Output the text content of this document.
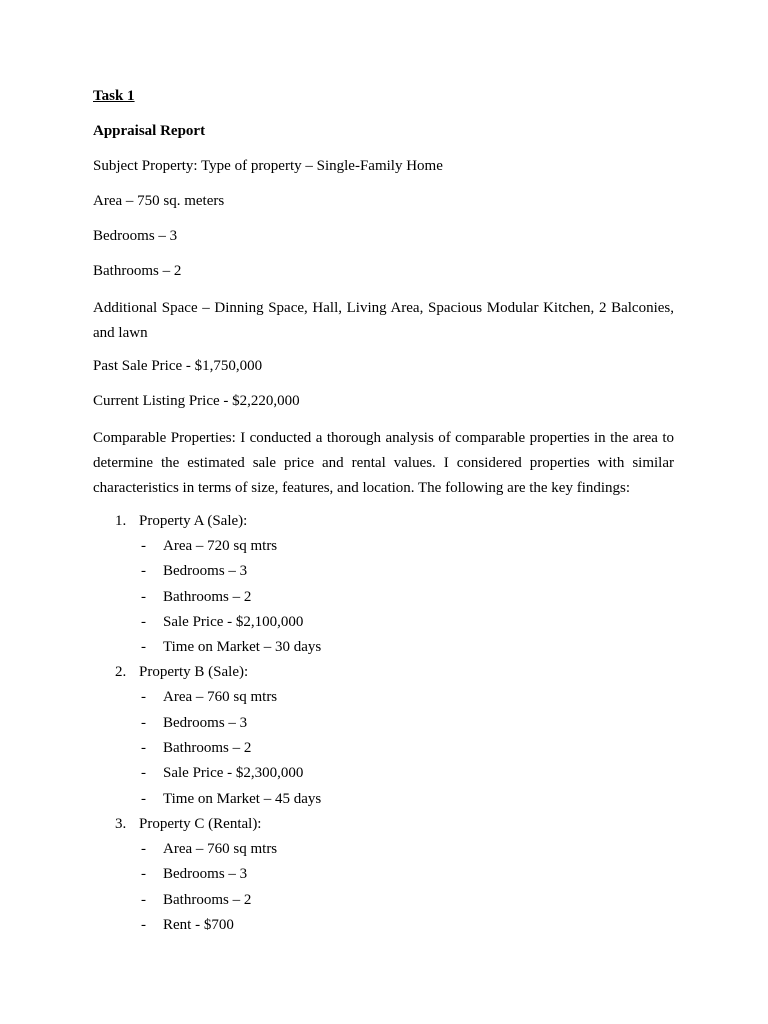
Task 1
Appraisal Report
Subject Property: Type of property – Single-Family Home
Area – 750 sq. meters
Bedrooms – 3
Bathrooms – 2
Additional Space – Dinning Space, Hall, Living Area, Spacious Modular Kitchen, 2 Balconies, and lawn
Past Sale Price - $1,750,000
Current Listing Price - $2,220,000
Comparable Properties: I conducted a thorough analysis of comparable properties in the area to determine the estimated sale price and rental values. I considered properties with similar characteristics in terms of size, features, and location. The following are the key findings:
1. Property A (Sale):
-	Area – 720 sq mtrs
-	Bedrooms – 3
-	Bathrooms – 2
-	Sale Price - $2,100,000
-	Time on Market – 30 days
2. Property B (Sale):
-	Area – 760 sq mtrs
-	Bedrooms – 3
-	Bathrooms – 2
-	Sale Price - $2,300,000
-	Time on Market – 45 days
3. Property C (Rental):
-	Area – 760 sq mtrs
-	Bedrooms – 3
-	Bathrooms – 2
-	Rent - $700
